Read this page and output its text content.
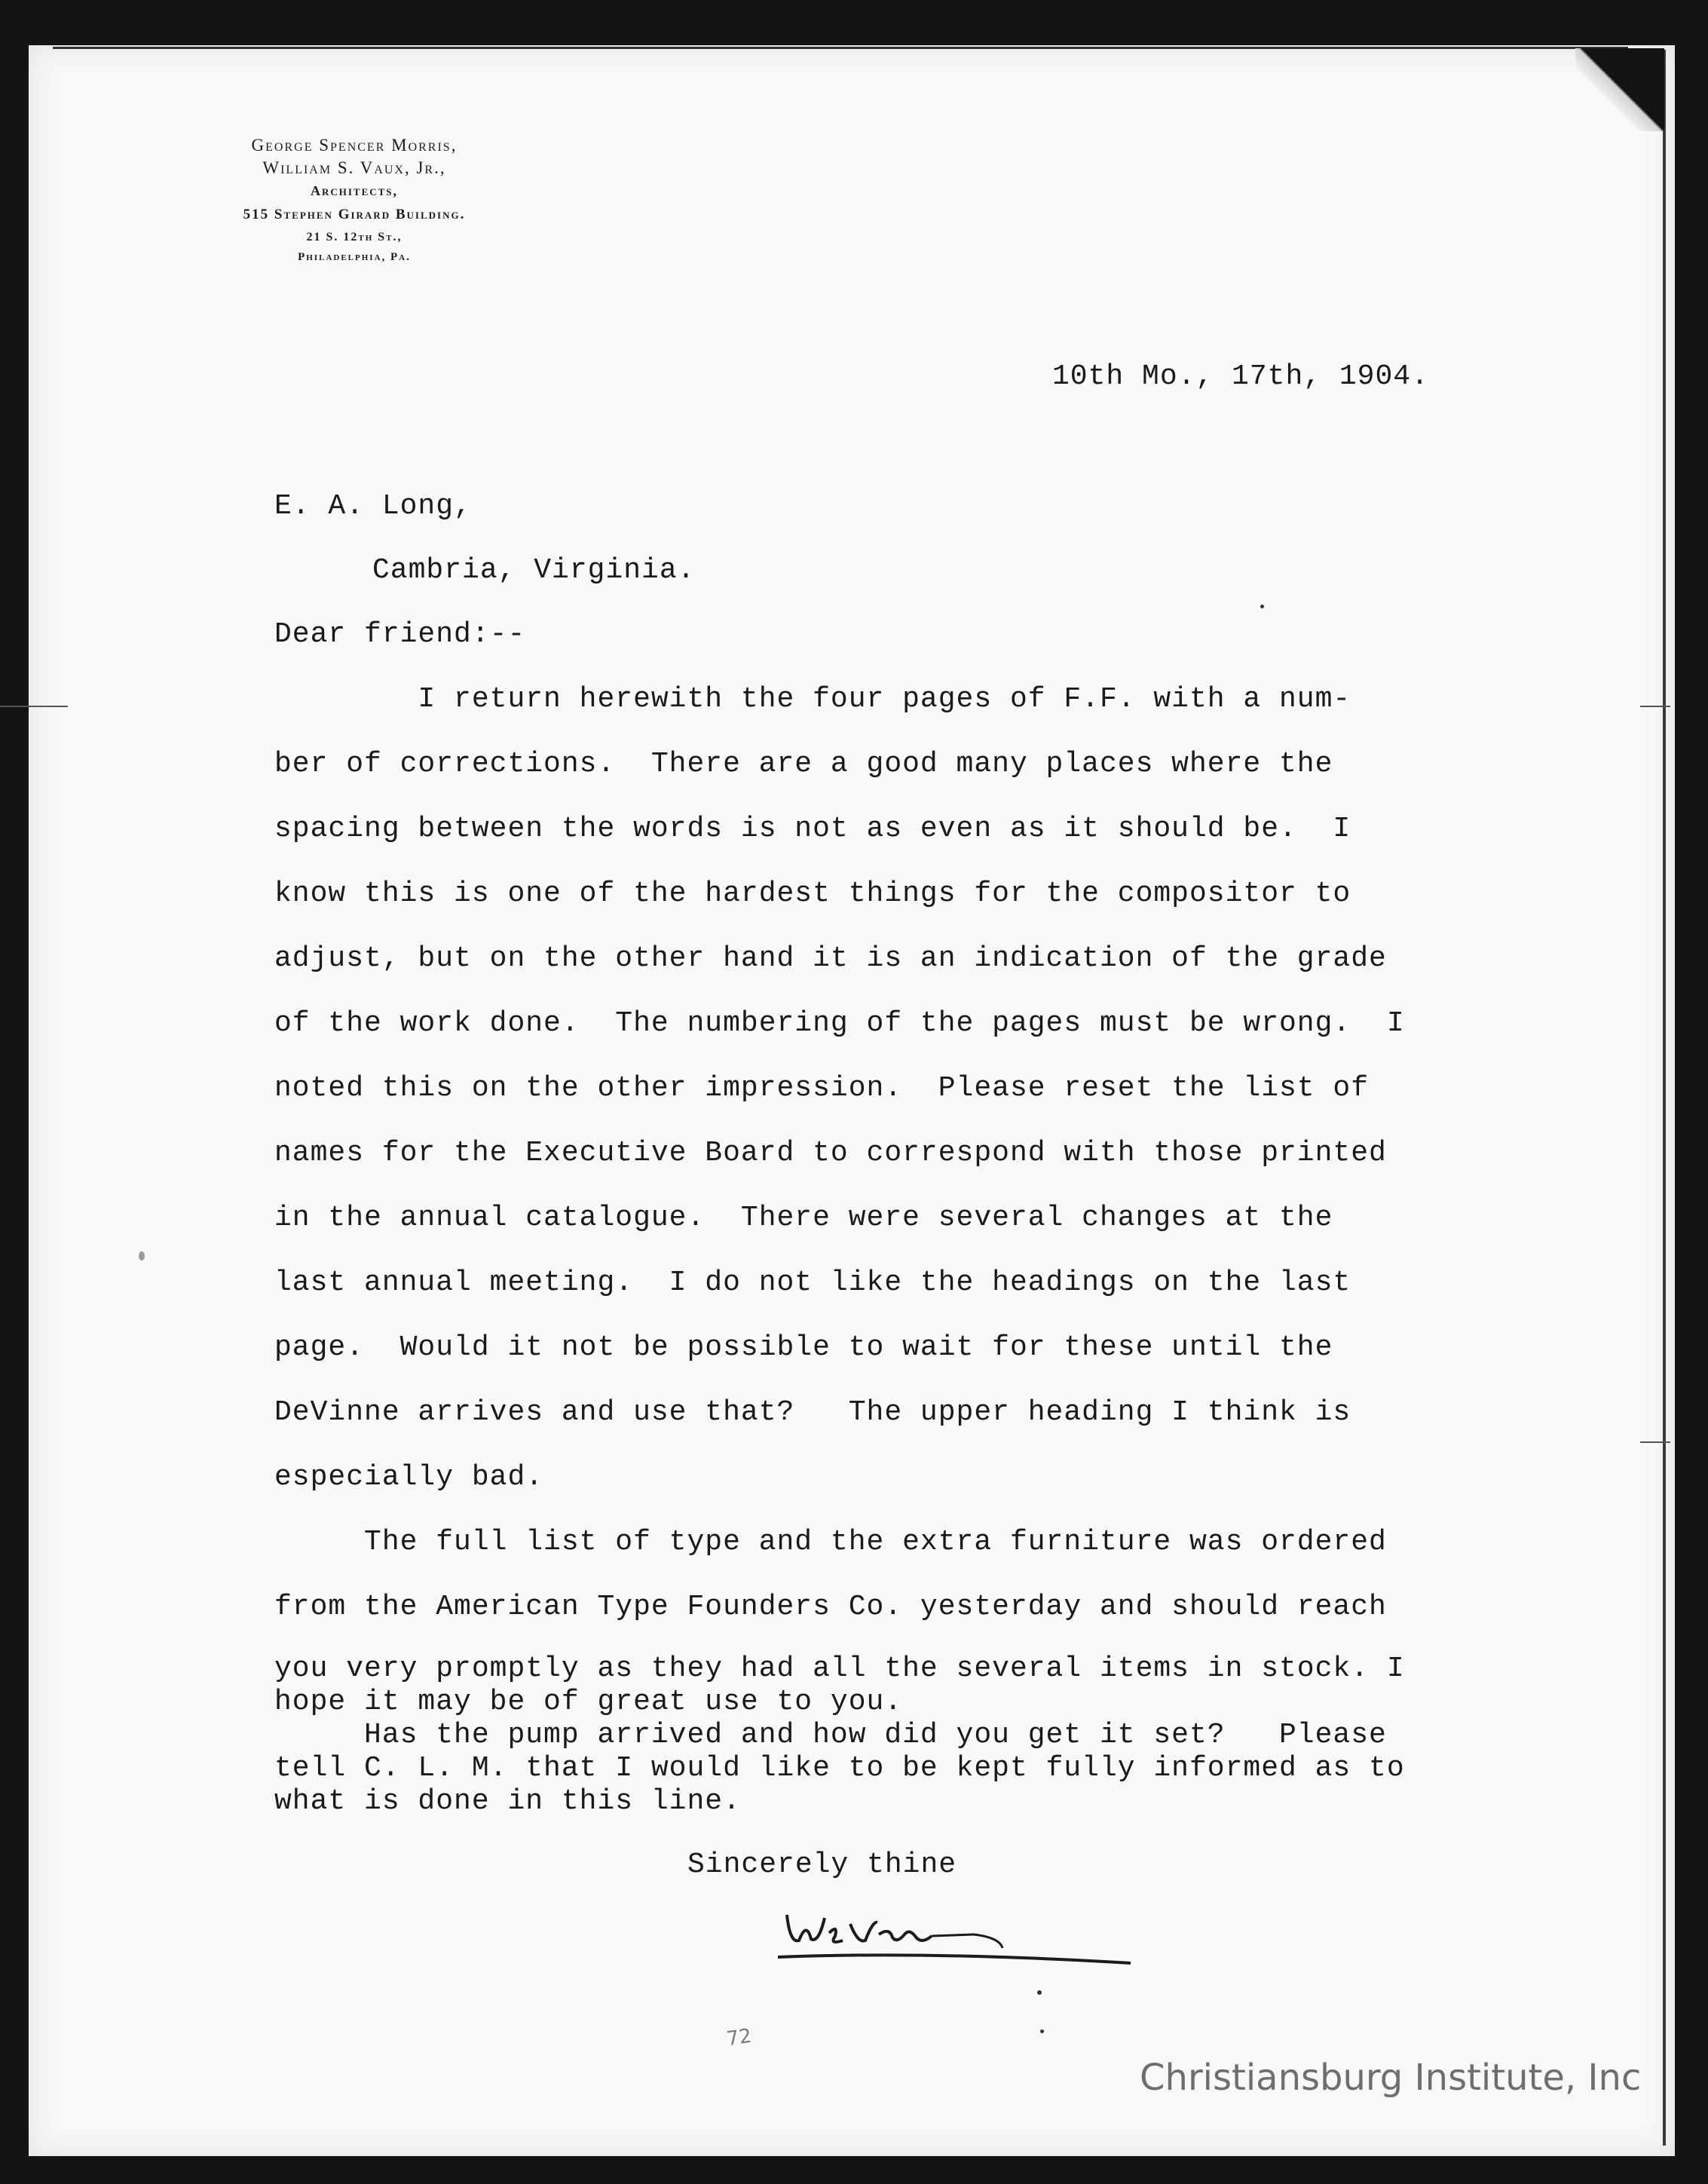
George Spencer Morris,
William S. Vaux, Jr.,
Architects,
515 Stephen Girard Building.
21 S. 12th St.,
Philadelphia, Pa.
10th Mo., 17th, 1904.
E. A. Long,
Cambria, Virginia.
Dear friend:--
I return herewith the four pages of F.F. with a num-
ber of corrections.  There are a good many places where the
spacing between the words is not as even as it should be.  I
know this is one of the hardest things for the compositor to
adjust, but on the other hand it is an indication of the grade
of the work done.  The numbering of the pages must be wrong.  I
noted this on the other impression.  Please reset the list of
names for the Executive Board to correspond with those printed
in the annual catalogue.  There were several changes at the
last annual meeting.  I do not like the headings on the last
page.  Would it not be possible to wait for these until the
DeVinne arrives and use that?   The upper heading I think is
especially bad.
The full list of type and the extra furniture was ordered
from the American Type Founders Co. yesterday and should reach
you very promptly as they had all the several items in stock. I
hope it may be of great use to you.
Has the pump arrived and how did you get it set?   Please
tell C. L. M. that I would like to be kept fully informed as to
what is done in this line.
Sincerely thine
72
Christiansburg Institute, Inc
